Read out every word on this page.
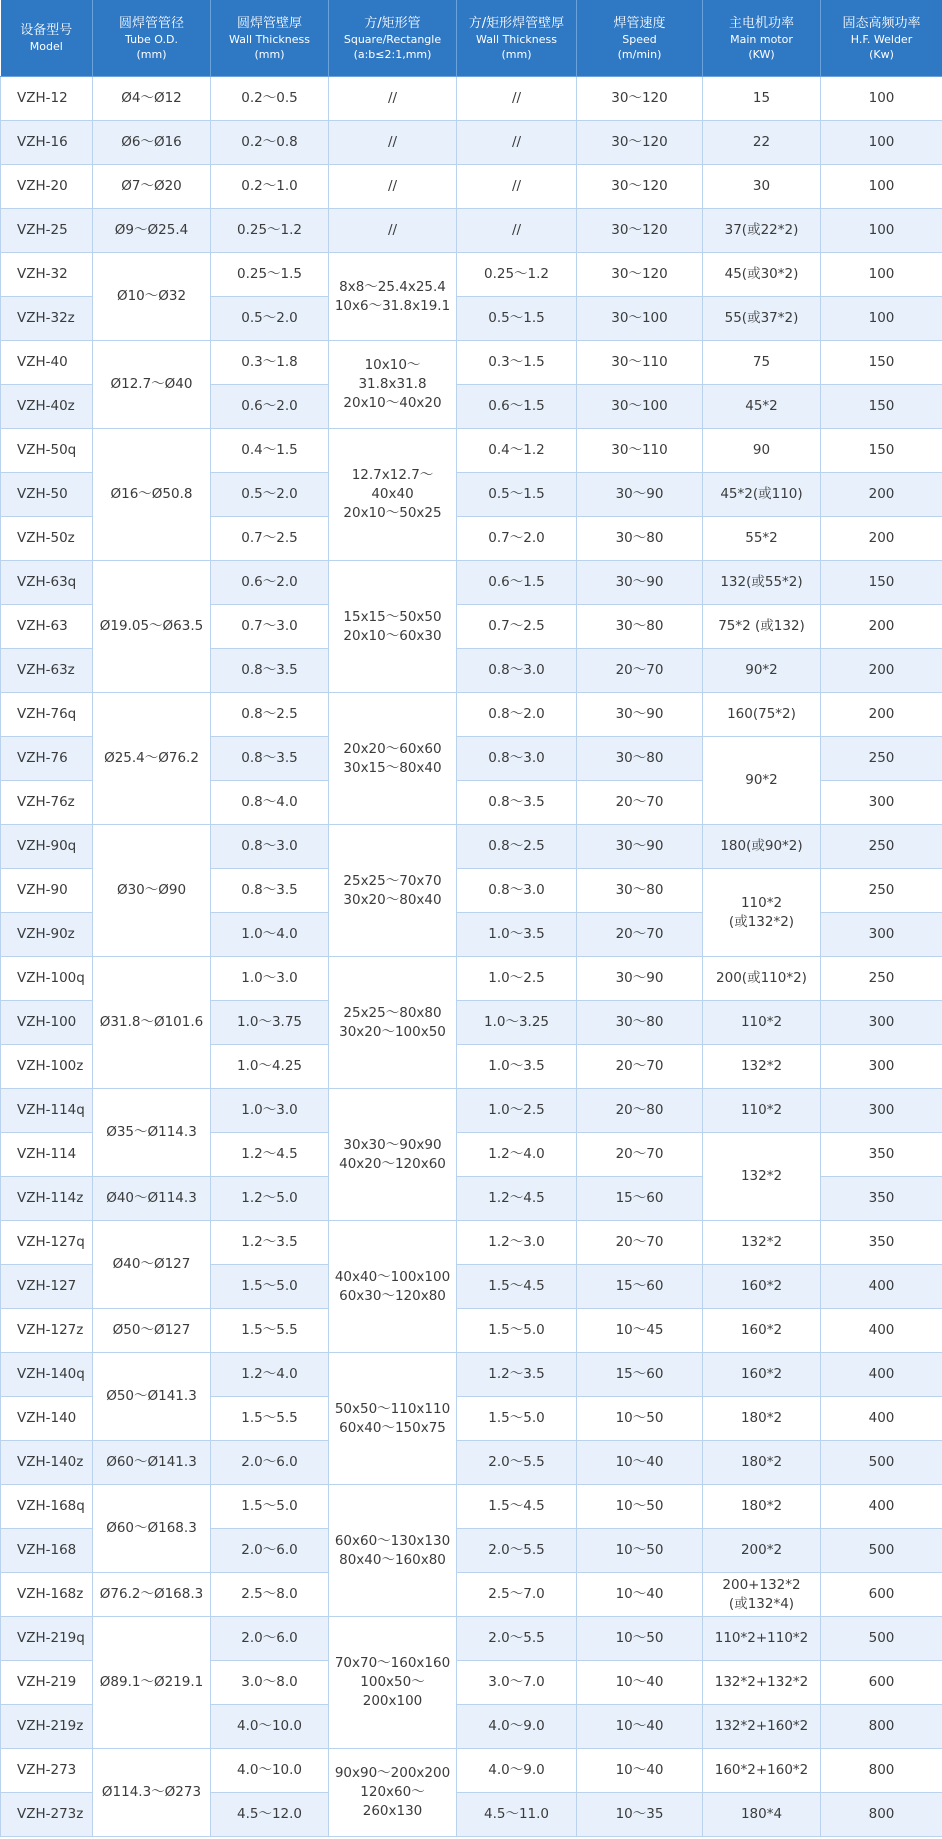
设备型号
Model	圆焊管管径
Tube O.D.
(mm)	圆焊管壁厚
Wall Thickness
(mm)	方/矩形管
Square/Rectangle
(a:b≤2:1,mm)	方/矩形焊管壁厚
Wall Thickness
(mm)	焊管速度
Speed
(m/min)	主电机功率
Main motor
(KW)	固态高频功率
H.F. Welder
(Kw)
VZH-12	Ø4～Ø12	0.2～0.5	//	//	30～120	15	100
VZH-16	Ø6～Ø16	0.2～0.8	//	//	30～120	22	100
VZH-20	Ø7～Ø20	0.2～1.0	//	//	30～120	30	100
VZH-25	Ø9～Ø25.4	0.25～1.2	//	//	30～120	37(或22*2)	100
VZH-32	Ø10～Ø32	0.25～1.5	8x8～25.4x25.4
10x6～31.8x19.1	0.25～1.2	30～120	45(或30*2)	100
VZH-32z		0.5～2.0		0.5～1.5	30～100	55(或37*2)	100
VZH-40	Ø12.7～Ø40	0.3～1.8	10x10～31.8x31.8
20x10～40x20	0.3～1.5	30～110	75	150
VZH-40z		0.6～2.0		0.6～1.5	30～100	45*2	150
VZH-50q	Ø16～Ø50.8	0.4～1.5	12.7x12.7～40x40
20x10～50x25	0.4～1.2	30～110	90	150
VZH-50		0.5～2.0		0.5～1.5	30～90	45*2(或110)	200
VZH-50z		0.7～2.5		0.7～2.0	30～80	55*2	200
VZH-63q	Ø19.05～Ø63.5	0.6～2.0	15x15～50x50
20x10～60x30	0.6～1.5	30～90	132(或55*2)	150
VZH-63		0.7～3.0		0.7～2.5	30～80	75*2 (或132)	200
VZH-63z		0.8～3.5		0.8～3.0	20～70	90*2	200
VZH-76q	Ø25.4～Ø76.2	0.8～2.5	20x20～60x60
30x15～80x40	0.8～2.0	30～90	160(75*2)	200
VZH-76		0.8～3.5		0.8～3.0	30～80	90*2	250
VZH-76z		0.8～4.0		0.8～3.5	20～70		300
VZH-90q	Ø30～Ø90	0.8～3.0	25x25～70x70
30x20～80x40	0.8～2.5	30～90	180(或90*2)	250
VZH-90		0.8～3.5		0.8～3.0	30～80	110*2
(或132*2)	250
VZH-90z		1.0～4.0		1.0～3.5	20～70		300
VZH-100q	Ø31.8～Ø101.6	1.0～3.0	25x25～80x80
30x20～100x50	1.0～2.5	30～90	200(或110*2)	250
VZH-100		1.0～3.75		1.0～3.25	30～80	110*2	300
VZH-100z		1.0～4.25		1.0～3.5	20～70	132*2	300
VZH-114q	Ø35～Ø114.3	1.0～3.0	30x30～90x90
40x20～120x60	1.0～2.5	20～80	110*2	300
VZH-114		1.2～4.5		1.2～4.0	20～70	132*2	350
VZH-114z	Ø40～Ø114.3	1.2～5.0		1.2～4.5	15～60		350
VZH-127q	Ø40～Ø127	1.2～3.5	40x40～100x100
60x30～120x80	1.2～3.0	20～70	132*2	350
VZH-127		1.5～5.0		1.5～4.5	15～60	160*2	400
VZH-127z	Ø50～Ø127	1.5～5.5		1.5～5.0	10～45	160*2	400
VZH-140q	Ø50～Ø141.3	1.2～4.0	50x50～110x110
60x40～150x75	1.2～3.5	15～60	160*2	400
VZH-140		1.5～5.5		1.5～5.0	10～50	180*2	400
VZH-140z	Ø60～Ø141.3	2.0～6.0		2.0～5.5	10～40	180*2	500
VZH-168q	Ø60～Ø168.3	1.5～5.0	60x60～130x130
80x40～160x80	1.5～4.5	10～50	180*2	400
VZH-168		2.0～6.0		2.0～5.5	10～50	200*2	500
VZH-168z	Ø76.2～Ø168.3	2.5～8.0		2.5～7.0	10～40	200+132*2
(或132*4)	600
VZH-219q	Ø89.1～Ø219.1	2.0～6.0	70x70～160x160
100x50～200x100	2.0～5.5	10～50	110*2+110*2	500
VZH-219		3.0～8.0		3.0～7.0	10～40	132*2+132*2	600
VZH-219z		4.0～10.0		4.0～9.0	10～40	132*2+160*2	800
VZH-273	Ø114.3～Ø273	4.0～10.0	90x90～200x200
120x60～260x130	4.0～9.0	10～40	160*2+160*2	800
VZH-273z		4.5～12.0		4.5～11.0	10～35	180*4	800
